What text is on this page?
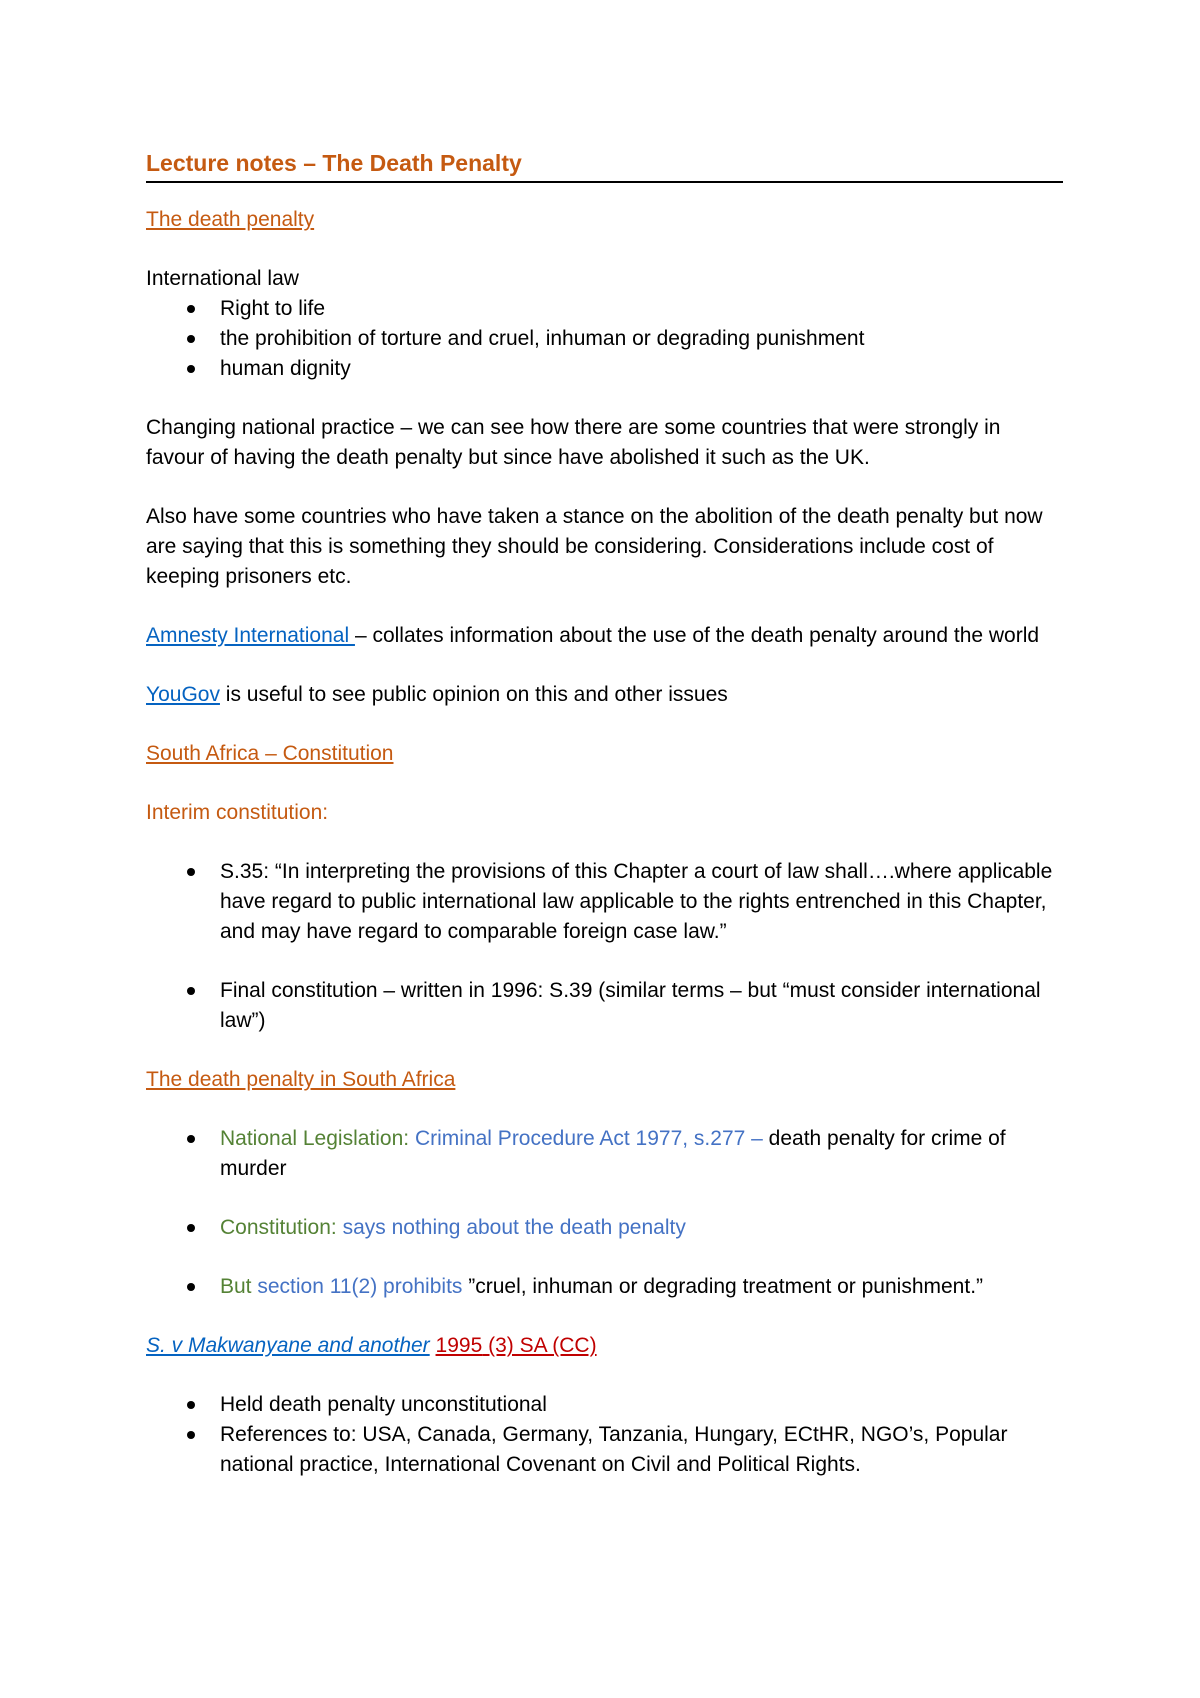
Lecture notes – The Death Penalty

The death penalty

International law

Right to life
the prohibition of torture and cruel, inhuman or degrading punishment
human dignity

Changing national practice – we can see how there are some countries that were strongly in favour of having the death penalty but since have abolished it such as the UK.

Also have some countries who have taken a stance on the abolition of the death penalty but now are saying that this is something they should be considering. Considerations include cost of keeping prisoners etc.

Amnesty International – collates information about the use of the death penalty around the world

YouGov is useful to see public opinion on this and other issues

South Africa – Constitution

Interim constitution:

S.35: “In interpreting the provisions of this Chapter a court of law shall….where applicable have regard to public international law applicable to the rights entrenched in this Chapter, and may have regard to comparable foreign case law.”
Final constitution – written in 1996: S.39 (similar terms – but “must consider international law”)

The death penalty in South Africa

National Legislation: Criminal Procedure Act 1977, s.277 – death penalty for crime of murder
Constitution: says nothing about the death penalty
But section 11(2) prohibits ”cruel, inhuman or degrading treatment or punishment.”

S. v Makwanyane and another 1995 (3) SA (CC)

Held death penalty unconstitutional
References to: USA, Canada, Germany, Tanzania, Hungary, ECtHR, NGO’s, Popular national practice, International Covenant on Civil and Political Rights.
